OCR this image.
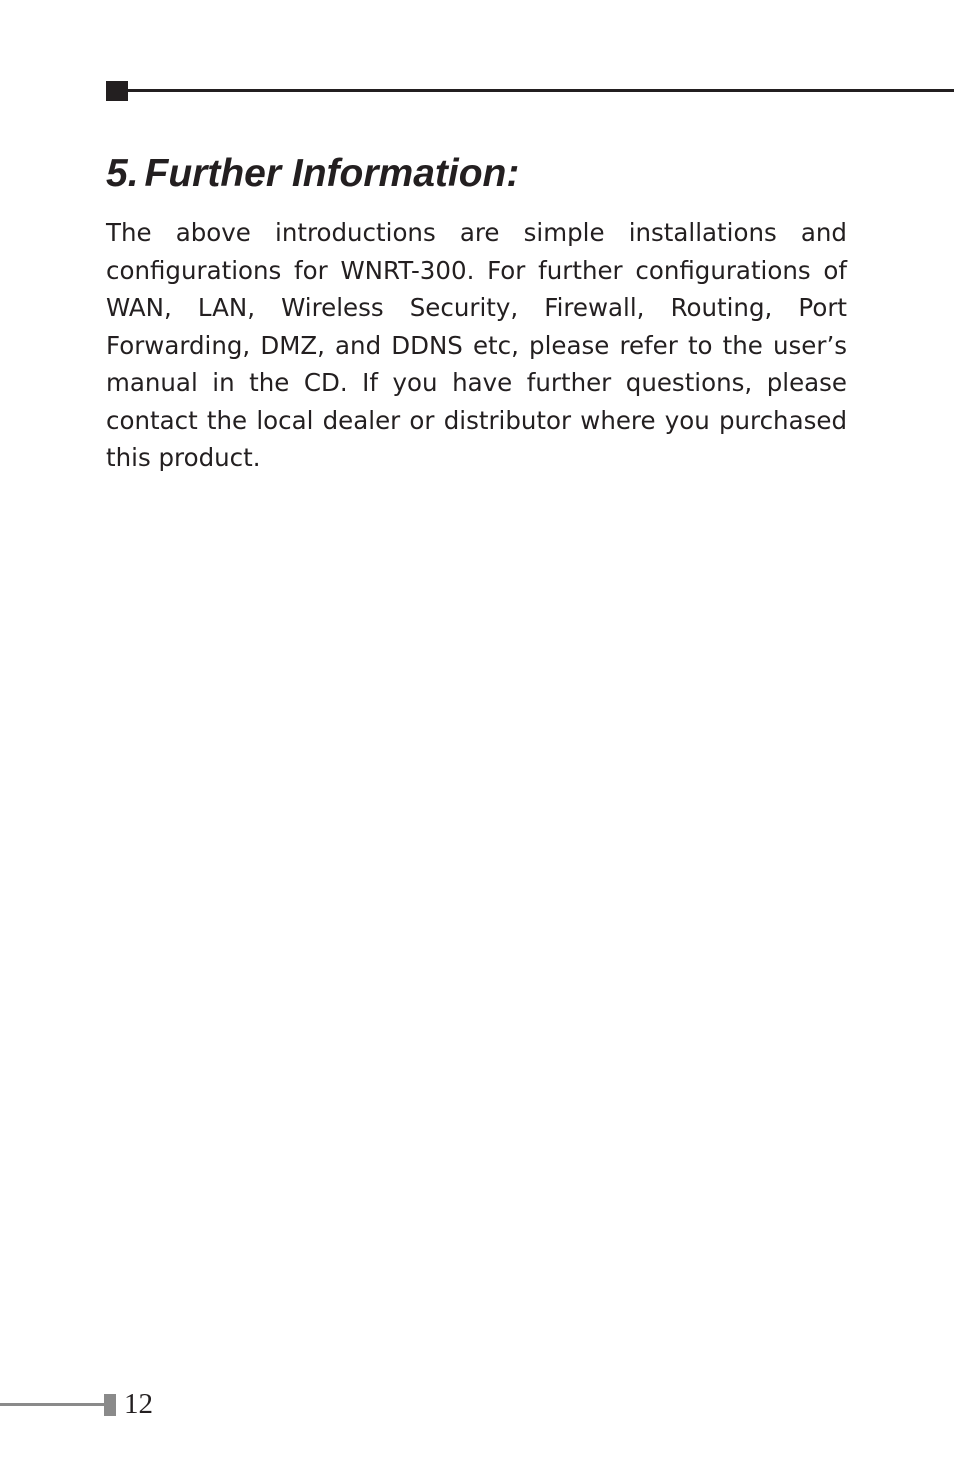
5. Further Information:

The above introductions are simple installations and configurations for WNRT-300. For further configurations of WAN, LAN, Wireless Security, Firewall, Routing, Port Forwarding, DMZ, and DDNS etc, please refer to the user’s manual in the CD. If you have further questions, please contact the local dealer or distributor where you purchased this product.

12
